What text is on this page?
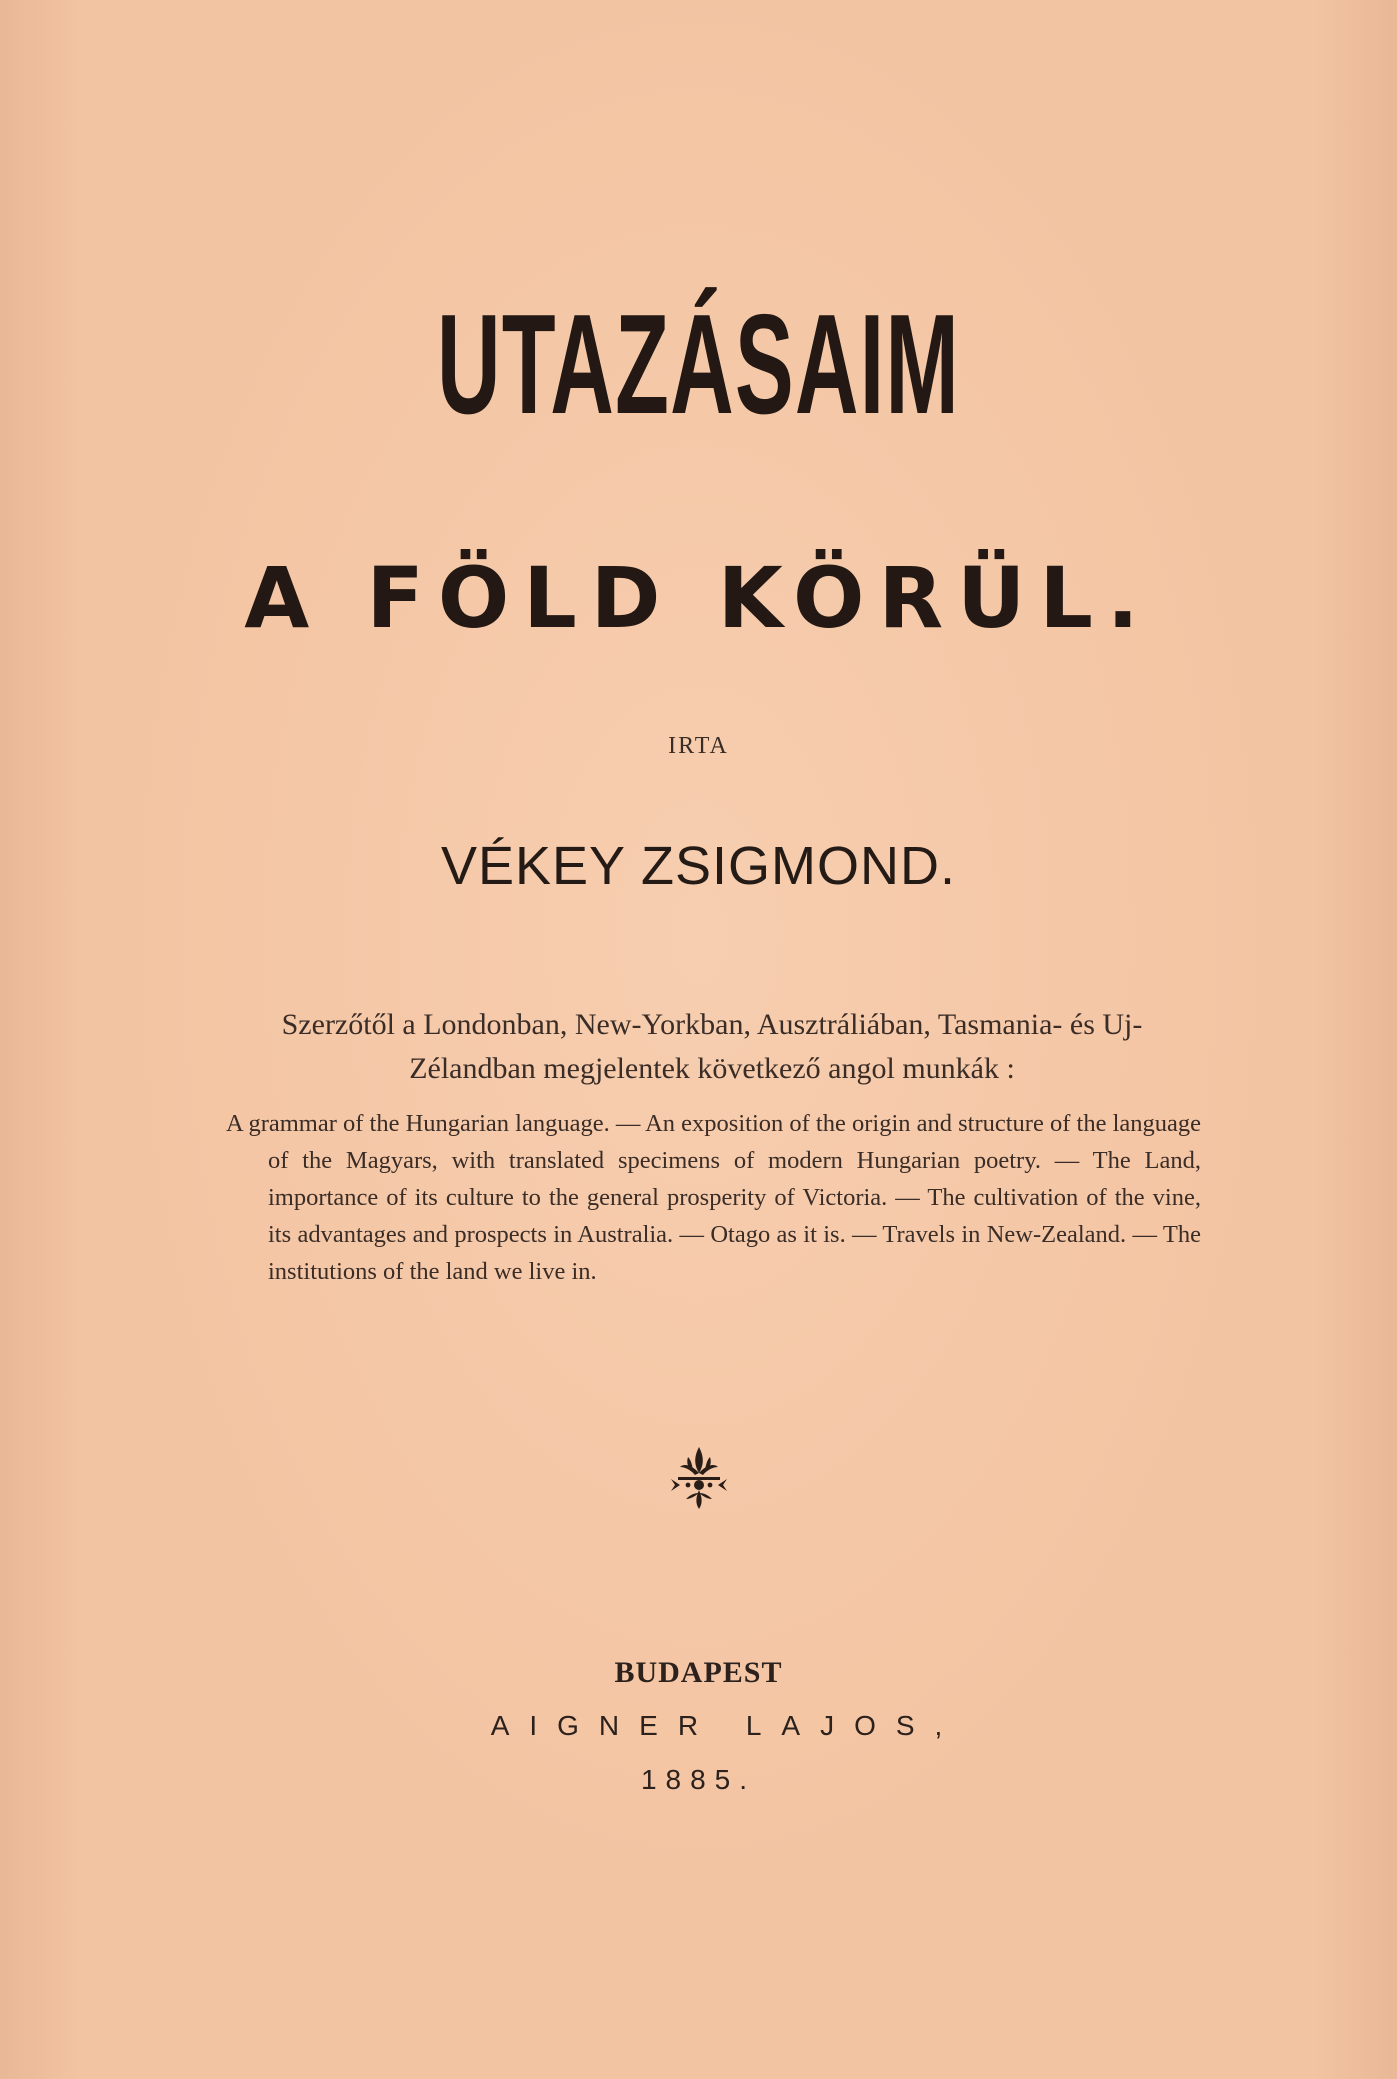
UTAZÁSAIM
A FÖLD KÖRÜL.
IRTA
VÉKEY ZSIGMOND.
Szerzőtől a Londonban, New-Yorkban, Ausztráliában, Tasmania- és Uj-Zélandban megjelentek következő angol munkák :

A grammar of the Hungarian language. — An exposition of the origin and structure of the language of the Magyars, with translated specimens of modern Hungarian poetry. — The Land, importance of its culture to the general prosperity of Victoria. — The cultivation of the vine, its advantages and prospects in Australia. — Otago as it is. — Travels in New-Zealand. — The institutions of the land we live in.

BUDAPEST
AIGNER LAJOS,
1885.
